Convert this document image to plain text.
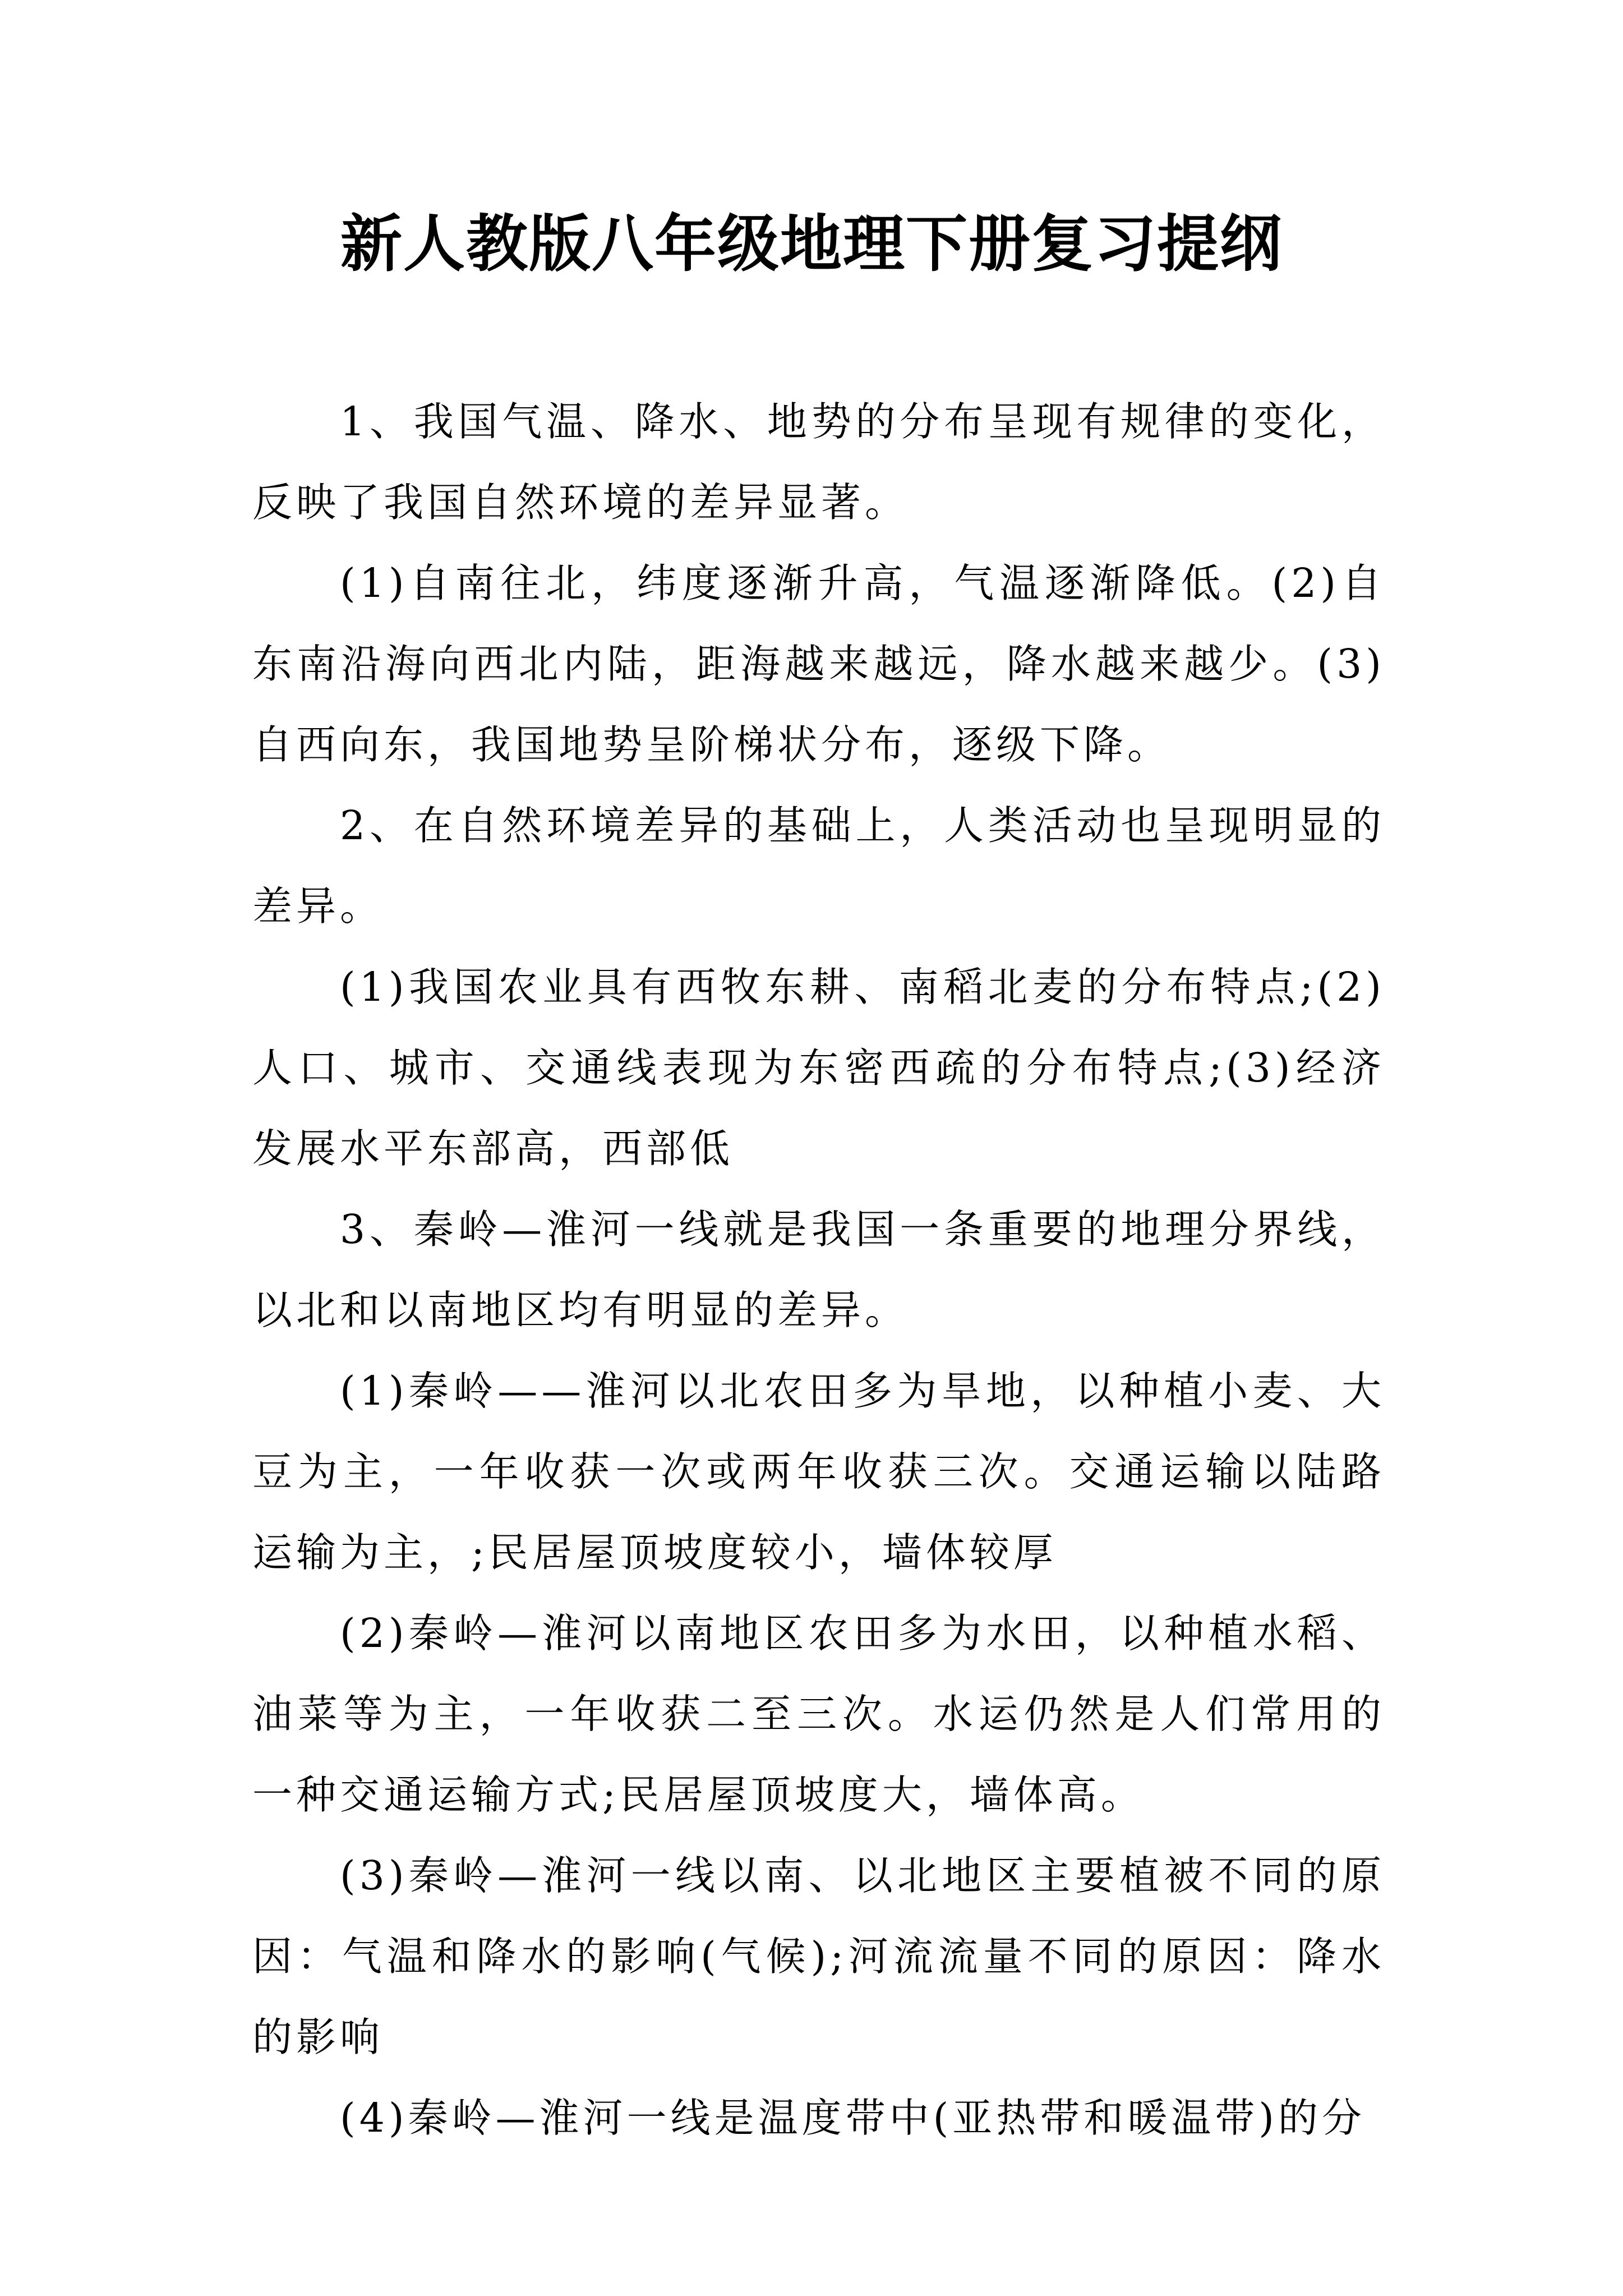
新人教版八年级地理下册复习提纲

1、我国气温、降水、地势的分布呈现有规律的变化，反映了我国自然环境的差异显著。

(1)自南往北，纬度逐渐升高，气温逐渐降低。(2)自东南沿海向西北内陆，距海越来越远，降水越来越少。(3)自西向东，我国地势呈阶梯状分布，逐级下降。

2、在自然环境差异的基础上，人类活动也呈现明显的差异。

(1)我国农业具有西牧东耕、南稻北麦的分布特点;(2)人口、城市、交通线表现为东密西疏的分布特点;(3)经济发展水平东部高，西部低

3、秦岭—淮河一线就是我国一条重要的地理分界线，以北和以南地区均有明显的差异。

(1)秦岭——淮河以北农田多为旱地，以种植小麦、大豆为主，一年收获一次或两年收获三次。交通运输以陆路运输为主，;民居屋顶坡度较小，墙体较厚

(2)秦岭—淮河以南地区农田多为水田，以种植水稻、油菜等为主，一年收获二至三次。水运仍然是人们常用的一种交通运输方式;民居屋顶坡度大，墙体高。

(3)秦岭—淮河一线以南、以北地区主要植被不同的原因：气温和降水的影响(气候);河流流量不同的原因：降水的影响

(4)秦岭—淮河一线是温度带中(亚热带和暖温带)的分
